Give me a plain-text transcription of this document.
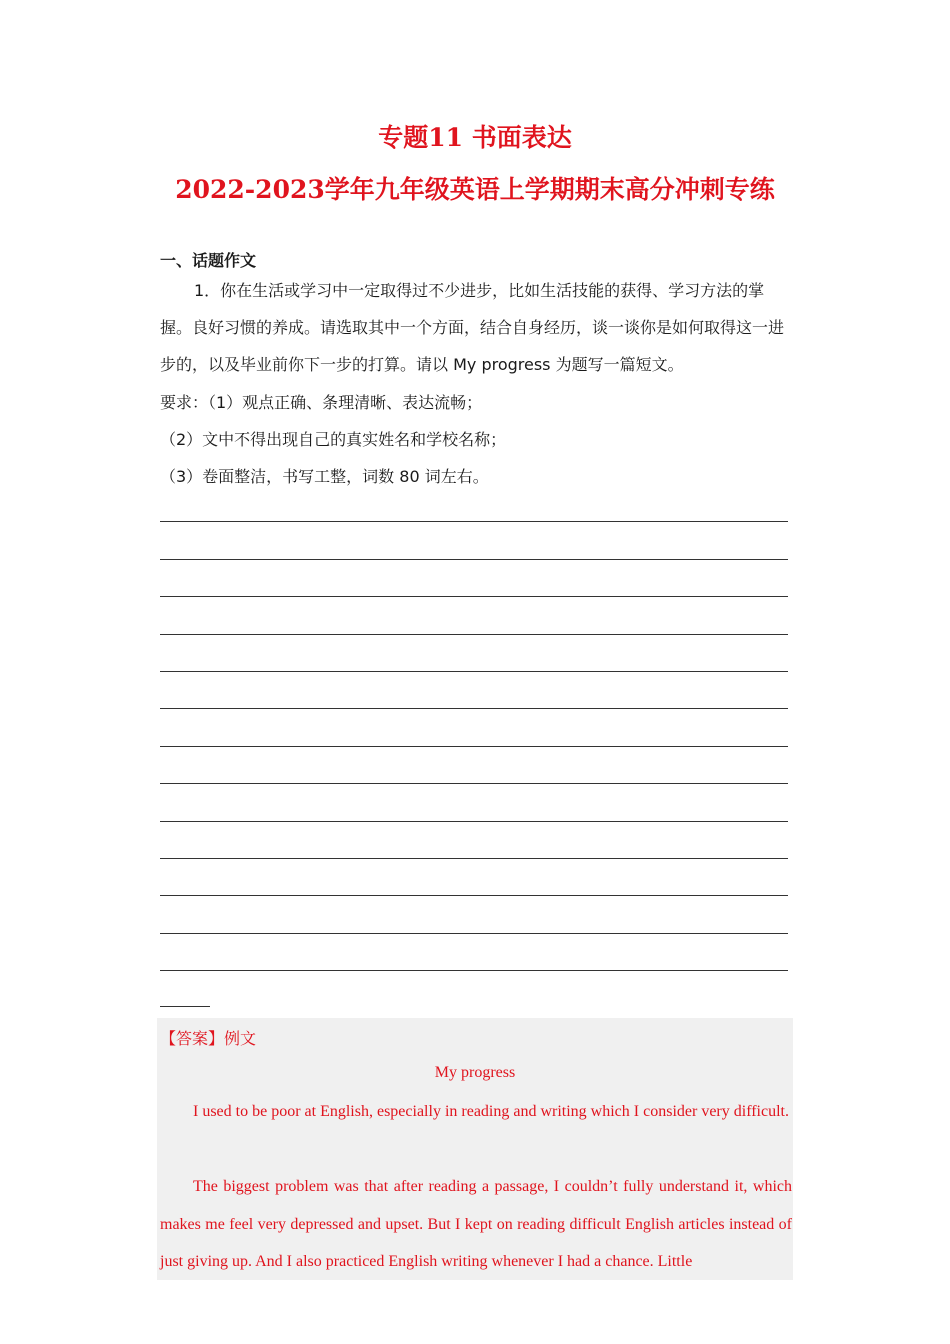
专题11 书面表达
2022-2023学年九年级英语上学期期末高分冲刺专练
一、话题作文
1．你在生活或学习中一定取得过不少进步，比如生活技能的获得、学习方法的掌握。良好习惯的养成。请选取其中一个方面，结合自身经历，谈一谈你是如何取得这一进步的，以及毕业前你下一步的打算。请以 My progress 为题写一篇短文。
要求：（1）观点正确、条理清晰、表达流畅；
（2）文中不得出现自己的真实姓名和学校名称；
（3）卷面整洁，书写工整，词数 80 词左右。
【答案】例文
My progress
I used to be poor at English, especially in reading and writing which I consider very difficult.
The biggest problem was that after reading a passage, I couldn’t fully understand it, which makes me feel very depressed and upset. But I kept on reading difficult English articles instead of just giving up. And I also practiced English writing whenever I had a chance. Little
